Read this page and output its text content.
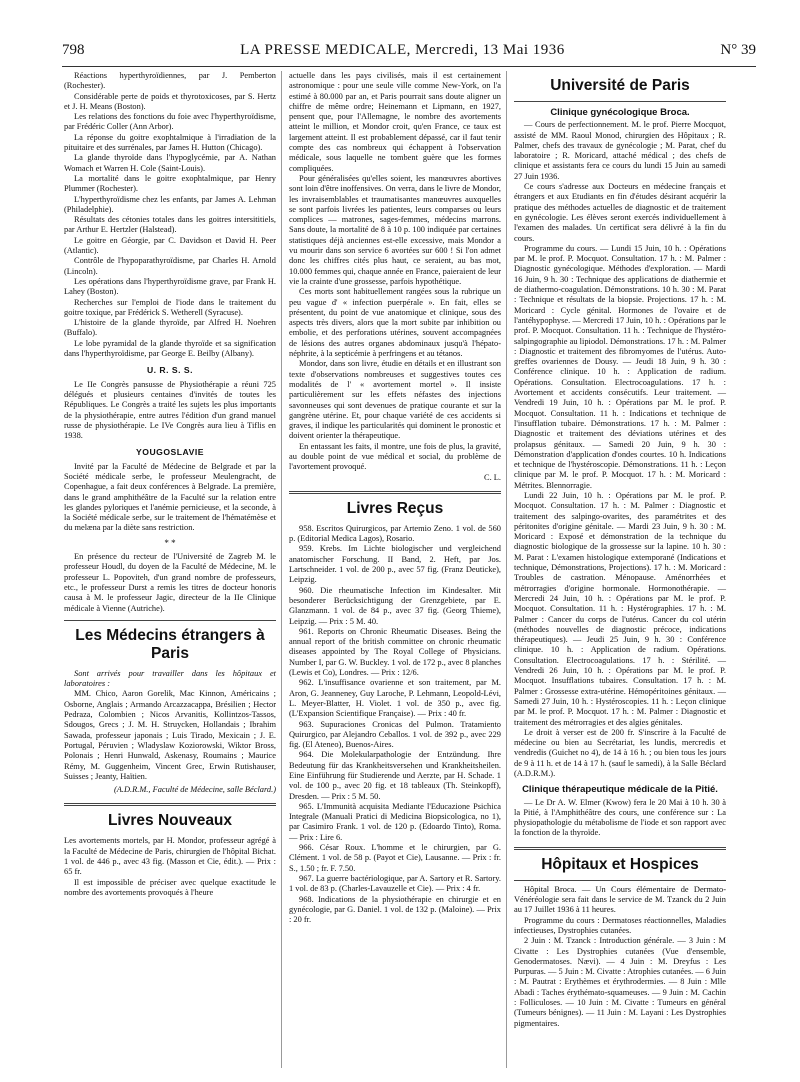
798	LA PRESSE MEDICALE, Mercredi, 13 Mai 1936	N° 39

Réactions hyperthyroïdiennes, par J. Pemberton (Rochester).

Considérable perte de poids et thyrotoxicoses, par S. Hertz et J. H. Means (Boston).

Les relations des fonctions du foie avec l'hyperthyroïdisme, par Frédéric Coller (Ann Arbor).

La réponse du goitre exophtalmique à l'irradiation de la pituitaire et des surrénales, par James H. Hutton (Chicago).

La glande thyroïde dans l'hypoglycémie, par A. Nathan Womach et Warren H. Cole (Saint-Louis).

La mortalité dans le goitre exophtalmique, par Henry Plummer (Rochester).

L'hyperthyroïdisme chez les enfants, par James A. Lehman (Philadelphie).

Résultats des cétonies totales dans les goitres intersititiels, par Arthur E. Hertzler (Halstead).

Le goitre en Géorgie, par C. Davidson et David H. Peer (Atlantic).

Contrôle de l'hypoparathyroïdisme, par Charles H. Arnold (Lincoln).

Les opérations dans l'hyperthyroïdisme grave, par Frank H. Lahey (Boston).

Recherches sur l'emploi de l'iode dans le traitement du goitre toxique, par Frédérick S. Wetherell (Syracuse).

L'histoire de la glande thyroïde, par Alfred H. Noehren (Buffalo).

Le lobe pyramidal de la glande thyroïde et sa signification dans l'hyperthyroïdisme, par George E. Beilby (Albany).

U. R. S. S.

Le IIe Congrès pansusse de Physiothérapie a réuni 725 délégués et plusieurs centaines d'invités de toutes les Républiques. Le Congrès a traité les sujets les plus importants de la physiothérapie, entre autres l'édition d'un grand manuel russe de physiothérapie. Le IVe Congrès aura lieu à Tiflis en 1938.

YOUGOSLAVIE

Invité par la Faculté de Médecine de Belgrade et par la Société médicale serbe, le professeur Meulengracht, de Copenhague, a fait deux conférences à Belgrade. La première, dans le grand amphithéâtre de la Faculté sur la relation entre les glandes pyloriques et l'anémie pernicieuse, et la seconde, à la Société médicale serbe, sur le traitement de l'hématémèse et du melæna par la diète sans restriction.

* *

En présence du recteur de l'Université de Zagreb M. le professeur Houdl, du doyen de la Faculté de Médecine, M. le professeur L. Popoviteh, d'un grand nombre de professeurs, etc., le professeur Durst a remis les titres de docteur honoris causa à M. le professeur Jagic, directeur de la IIe Clinique médicale à Vienne (Autriche).

Les Médecins étrangers à Paris

Sont arrivés pour travailler dans les hôpitaux et laboratoires :

MM. Chico, Aaron Gorelik, Mac Kinnon, Américains ; Osborne, Anglais ; Armando Arcazzacappa, Brésilien ; Hector Pedraza, Colombien ; Nicos Arvanitis, Kollintzos-Tassos, Sdougos, Grecs ; J. M. H. Struycken, Hollandais ; Ibrahim Sawada, professeur japonais ; Luis Tirado, Mexicain ; J. E. Portugal, Péruvien ; Wladyslaw Koziorowski, Wiktor Bross, Polonais ; Henri Hunwald, Askenasy, Roumains ; Maurice Rémy, M. Guggenheim, Vincent Grec, Erwin Rutishauser, Suisses ; Jeanty, Haïtien.

(A.D.R.M., Faculté de Médecine, salle Béclard.)
Livres Nouveaux

Les avortements mortels, par H. Mondor, professeur agrégé à la Faculté de Médecine de Paris, chirurgien de l'hôpital Bichat. 1 vol. de 446 p., avec 43 fig. (Masson et Cie, édit.). — Prix : 65 fr.

Il est impossible de préciser avec quelque exactitude le nombre des avortements provoqués à l'heure

actuelle dans les pays civilisés, mais il est certainement astronomique : pour une seule ville comme New-York, on l'a estimé à 80.000 par an, et Paris pourrait sans doute aligner un chiffre de même ordre; Heinemann et Lipmann, en 1927, pensent que, pour l'Allemagne, le nombre des avortements atteint le million, et Mondor croit, qu'en France, ce taux est largement atteint. Il est probablement dépassé, car il faut tenir compte des cas nombreux qui échappent à l'observation médicale, sous laquelle ne tombent guère que les formes compliquées.

Pour généralisées qu'elles soient, les manœuvres abortives sont loin d'être inoffensives. On verra, dans le livre de Mondor, les invraisemblables et traumatisantes manœuvres auxquelles se sont parfois livrées les patientes, leurs comparses ou leurs complices — matrones, sages-femmes, médecins marrons. Sans doute, la mortalité de 8 à 10 p. 100 indiquée par certaines statistiques déjà anciennes est-elle excessive, mais Mondor a vu mourir dans son service 6 avortées sur 600 ! Si l'on admet donc les chiffres cités plus haut, ce seraient, au bas mot, 10.000 femmes qui, chaque année en France, paieraient de leur vie la crainte d'une grossesse, parfois hypothétique.

Ces morts sont habituellement rangées sous la rubrique un peu vague d' « infection puerpérale ». En fait, elles se présentent, du point de vue anatomique et clinique, sous des aspects très divers, alors que la mort subite par inhibition ou embolie, et des perforations utérines, souvent accompagnées de lésions des autres organes abdominaux jusqu'à l'hépato-néphrite, à la septicémie à perfringens et au tétanos.

Mondor, dans son livre, étudie en détails et en illustrant son texte d'observations nombreuses et suggestives toutes ces modalités de l' « avortement mortel ». Il insiste particulièrement sur les effets néfastes des injections savonneuses qui sont devenues de pratique courante et sur la gangrène utérine. Et, pour chaque variété de ces accidents si graves, il indique les particularités qui dominent le pronostic et doivent orienter la thérapeutique.

En entassant les faits, il montre, une fois de plus, la gravité, au double point de vue médical et social, du problème de l'avortement provoqué.

C. L.
Livres Reçus

958. Escritos Quirurgicos, par Artemio Zeno. 1 vol. de 560 p. (Editorial Medica Lagos), Rosario.

959. Krebs. Im Lichte biologischer und vergleichend anatomischer Forschung. II Band, 2. Heft, par Jos. Lartschneider. 1 vol. de 200 p., avec 57 fig. (Franz Deuticke), Leipzig.

960. Die rheumatische Infection im Kindesalter. Mit besonderer Berücksichtigung der Grenzgebiete, par E. Glanzmann. 1 vol. de 84 p., avec 37 fig. (Georg Thieme), Leipzig. — Prix : 5 M. 40.

961. Reports on Chronic Rheumatic Diseases. Being the annual report of the british committee on chronic rheumatic diseases appointed by The Royal College of Physicians. Number I, par G. W. Buckley. 1 vol. de 172 p., avec 8 planches (Lewis et Co), Londres. — Prix : 12/6.

962. L'insuffisance ovarienne et son traitement, par M. Aron, G. Jeanneney, Guy Laroche, P. Lehmann, Leopold-Lévi, L. Meyer-Blatter, H. Violet. 1 vol. de 350 p., avec fig. (L'Expansion Scientifique Française). — Prix : 40 fr.

963. Supuraciones Cronicas del Pulmon. Tratamiento Quirurgico, par Alejandro Ceballos. 1 vol. de 392 p., avec 229 fig. (El Ateneo), Buenos-Aires.

964. Die Molekularpathologie der Entzündung. Ihre Bedeutung für das Krankheitsversehen und Krankheitsheilen. Eine Einführung für Studierende und Aerzte, par H. Schade. 1 vol. de 100 p., avec 20 fig. et 18 tableaux (Th. Steinkopff), Dresden. — Prix : 5 M. 50.

965. L'Immunità acquisita Mediante l'Educazione Psichica Integrale (Manuali Pratici di Medicina Biopsicologica, no 1), par Casimiro Frank. 1 vol. de 120 p. (Edoardo Tinto), Roma. — Prix : Lire 6.

966. César Roux. L'homme et le chirurgien, par G. Clément. 1 vol. de 58 p. (Payot et Cie), Lausanne. — Prix : fr. S., 1.50 ; fr. F. 7.50.

967. La guerre bactériologique, par A. Sartory et R. Sartory. 1 vol. de 83 p. (Charles-Lavauzelle et Cie). — Prix : 4 fr.

968. Indications de la physiothérapie en chirurgie et en gynécologie, par G. Daniel. 1 vol. de 132 p. (Maloine). — Prix : 20 fr.

Université de Paris
Clinique gynécologique Broca.

— Cours de perfectionnement. M. le prof. Pierre Mocquot, assisté de MM. Raoul Monod, chirurgien des Hôpitaux ; R. Palmer, chefs des travaux de gynécologie ; M. Parat, chef du laboratoire ; R. Moricard, attaché médical ; des chefs de clinique et assistants fera ce cours du lundi 15 Juin au samedi 27 Juin 1936.

Ce cours s'adresse aux Docteurs en médecine français et étrangers et aux Etudiants en fin d'études désirant acquérir la pratique des méthodes actuelles de diagnostic et de traitement en gynécologie. Les élèves seront exercés individuellement à l'examen des malades. Un certificat sera délivré à la fin du cours.

Programme du cours. — Lundi 15 Juin, 10 h. : Opérations par M. le prof. P. Mocquot. Consultation. 17 h. : M. Palmer : Diagnostic gynécologique. Méthodes d'exploration. — Mardi 16 Juin, 9 h. 30 : Technique des applications de diathermie et de diathermo-coagulation. Démonstrations. 10 h. 30 : M. Parat : Technique et résultats de la biopsie. Projections. 17 h. : M. Moricard : Cycle génital. Hormones de l'ovaire et de l'antéhypophyse. — Mercredi 17 Juin, 10 h. : Opérations par le prof. P. Mocquot. Consultation. 11 h. : Technique de l'hystéro-salpingographie au lipiodol. Démonstrations. 17 h. : M. Palmer : Diagnostic et traitement des fibromyomes de l'utérus. Auto-greffes ovariennes de Dousy. — Jeudi 18 Juin, 9 h. 30 : Conférence clinique. 10 h. : Application de radium. Opérations. Consultation. Electrocoagulations. 17 h. : Avortement et accidents consécutifs. Leur traitement. — Vendredi 19 Juin, 10 h. : Opérations par M. le prof. P. Mocquot. Consultation. 11 h. : Indications et technique de l'insufflation tubaire. Démonstrations. 17 h. : M. Palmer : Diagnostic et traitement des déviations utérines et des prolapsus génitaux. — Samedi 20 Juin, 9 h. 30 : Démonstration d'application d'ondes courtes. 10 h. Indications et technique de l'hystéroscopie. Démonstrations. 11 h. : Leçon clinique par M. le prof. P. Mocquot. 17 h. : M. Moricard : Métrites. Blennorragie.

Lundi 22 Juin, 10 h. : Opérations par M. le prof. P. Mocquot. Consultation. 17 h. : M. Palmer : Diagnostic et traitement des salpingo-ovarites, des paramétrites et des péritonites d'origine génitale. — Mardi 23 Juin, 9 h. 30 : M. Moricard : Exposé et démonstration de la technique du diagnostic biologique de la grossesse sur la lapine. 10 h. 30 : M. Parat : L'examen histologique extemporané (Indications et technique, Démonstrations, Projections). 17 h. : M. Moricard : Troubles de castration. Ménopause. Aménorrhées et métrorragies d'origine hormonale. Hormonothérapie. — Mercredi 24 Juin, 10 h. : Opérations par M. le prof. P. Mocquot. Consultation. 11 h. : Hystérographies. 17 h. : M. Palmer : Cancer du corps de l'utérus. Cancer du col utérin (méthodes nouvelles de diagnostic précoce, indications thérapeutiques). — Jeudi 25 Juin, 9 h. 30 : Conférence clinique. 10 h. : Application de radium. Opérations. Consultation. Electrocoagulations. 17 h. : Stérilité. — Vendredi 26 Juin, 10 h. : Opérations par M. le prof. P. Mocquot. Insufflations tubaires. Consultation. 17 h. : M. Palmer : Grossesse extra-utérine. Hémopéritoines génitaux. — Samedi 27 Juin, 10 h. : Hystéroscopies. 11 h. : Leçon clinique par M. le prof. P. Mocquot. 17 h. : M. Palmer : Diagnostic et traitement des métrorragies et des algies génitales.

Le droit à verser est de 200 fr. S'inscrire à la Faculté de médecine ou bien au Secrétariat, les lundis, mercredis et vendredis (Guichet no 4), de 14 à 16 h. ; ou bien tous les jours de 9 à 11 h. et de 14 à 17 h. (sauf le samedi), à la Salle Béclard (A.D.R.M.).

Clinique thérapeutique médicale de la Pitié.

— Le Dr A. W. Elmer (Kwow) fera le 20 Mai à 10 h. 30 à la Pitié, à l'Amphithéâtre des cours, une conférence sur : La physiopathologie du métabolisme de l'iode et son rapport avec la fonction de la thyroïde.

Hôpitaux et Hospices

Hôpital Broca. — Un Cours élémentaire de Dermato-Vénéréologie sera fait dans le service de M. Tzanck du 2 Juin au 17 Juillet 1936 à 11 heures.

Programme du cours : Dermatoses réactionnelles, Maladies infectieuses, Dystrophies cutanées.

2 Juin : M. Tzanck : Introduction générale. — 3 Juin : M Civatte : Les Dystrophies cutanées (Vue d'ensemble, Genodermatoses. Nævi). — 4 Juin : M. Dreyfus : Les Purpuras. — 5 Juin : M. Civatte : Atrophies cutanées. — 6 Juin : M. Pautrat : Erythèmes et érythrodermies. — 8 Juin : Mlle Abadi : Taches érythémato-squameuses. — 9 Juin : M. Cachin : Folliculoses. — 10 Juin : M. Civatte : Tumeurs en général (Tumeurs bénignes). — 11 Juin : M. Layani : Les Dystrophies pigmentaires.
